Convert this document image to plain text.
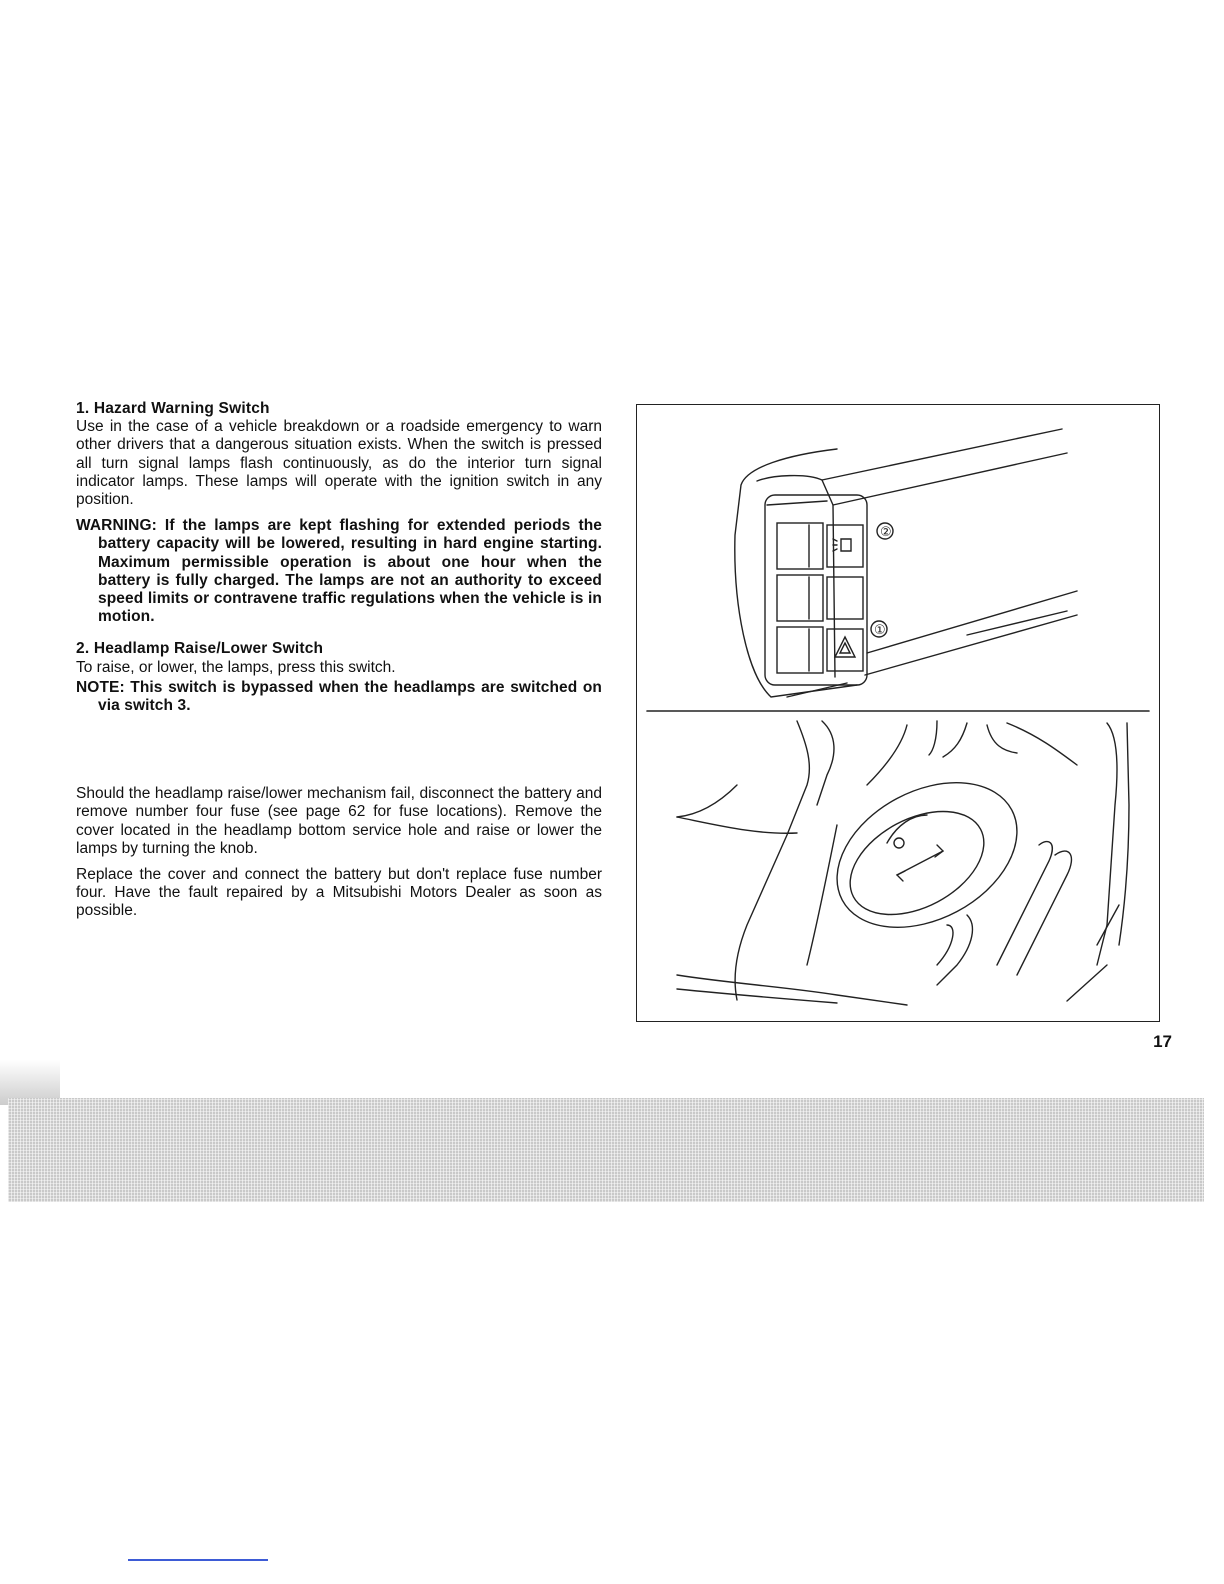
1. Hazard Warning Switch
Use in the case of a vehicle breakdown or a roadside emergency to warn other drivers that a dangerous situation exists. When the switch is pressed all turn signal lamps flash continuously, as do the interior turn signal indicator lamps. These lamps will operate with the ignition switch in any position.

WARNING: If the lamps are kept flashing for extended periods the battery capacity will be lowered, resulting in hard engine starting. Maximum permissible operation is about one hour when the battery is fully charged. The lamps are not an authority to exceed speed limits or contravene traffic regulations when the vehicle is in motion.

2. Headlamp Raise/Lower Switch
To raise, or lower, the lamps, press this switch.

NOTE: This switch is bypassed when the headlamps are switched on via switch 3.

Should the headlamp raise/lower mechanism fail, disconnect the battery and remove number four fuse (see page 62 for fuse locations). Remove the cover located in the headlamp bottom service hole and raise or lower the lamps by turning the knob.

Replace the cover and connect the battery but don't replace fuse number four. Have the fault repaired by a Mitsubishi Motors Dealer as soon as possible.

②
①
17
